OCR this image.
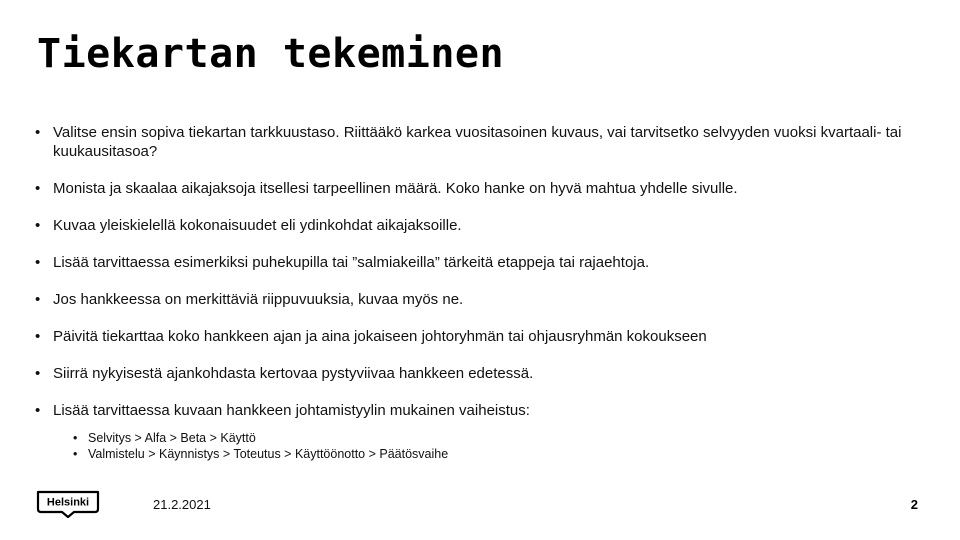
Tiekartan tekeminen
• Valitse ensin sopiva tiekartan tarkkuustaso. Riittääkö karkea vuositasoinen kuvaus, vai tarvitsetko selvyyden vuoksi kvartaali- tai kuukausitasoa?
• Monista ja skaalaa aikajaksoja itsellesi tarpeellinen määrä. Koko hanke on hyvä mahtua yhdelle sivulle.
• Kuvaa yleiskielellä kokonaisuudet eli ydinkohdat aikajaksoille.
• Lisää tarvittaessa esimerkiksi puhekupilla tai ”salmiakeilla” tärkeitä etappeja tai rajaehtoja.
• Jos hankkeessa on merkittäviä riippuvuuksia, kuvaa myös ne.
• Päivitä tiekarttaa koko hankkeen ajan ja aina jokaiseen johtoryhmän tai ohjausryhmän kokoukseen
• Siirrä nykyisestä ajankohdasta kertovaa pystyviivaa hankkeen edetessä.
• Lisää tarvittaessa kuvaan hankkeen johtamistyylin mukainen vaiheistus:
• Selvitys > Alfa > Beta > Käyttö
• Valmistelu > Käynnistys > Toteutus > Käyttöönotto > Päätösvaihe
Helsinki	21.2.2021	2
